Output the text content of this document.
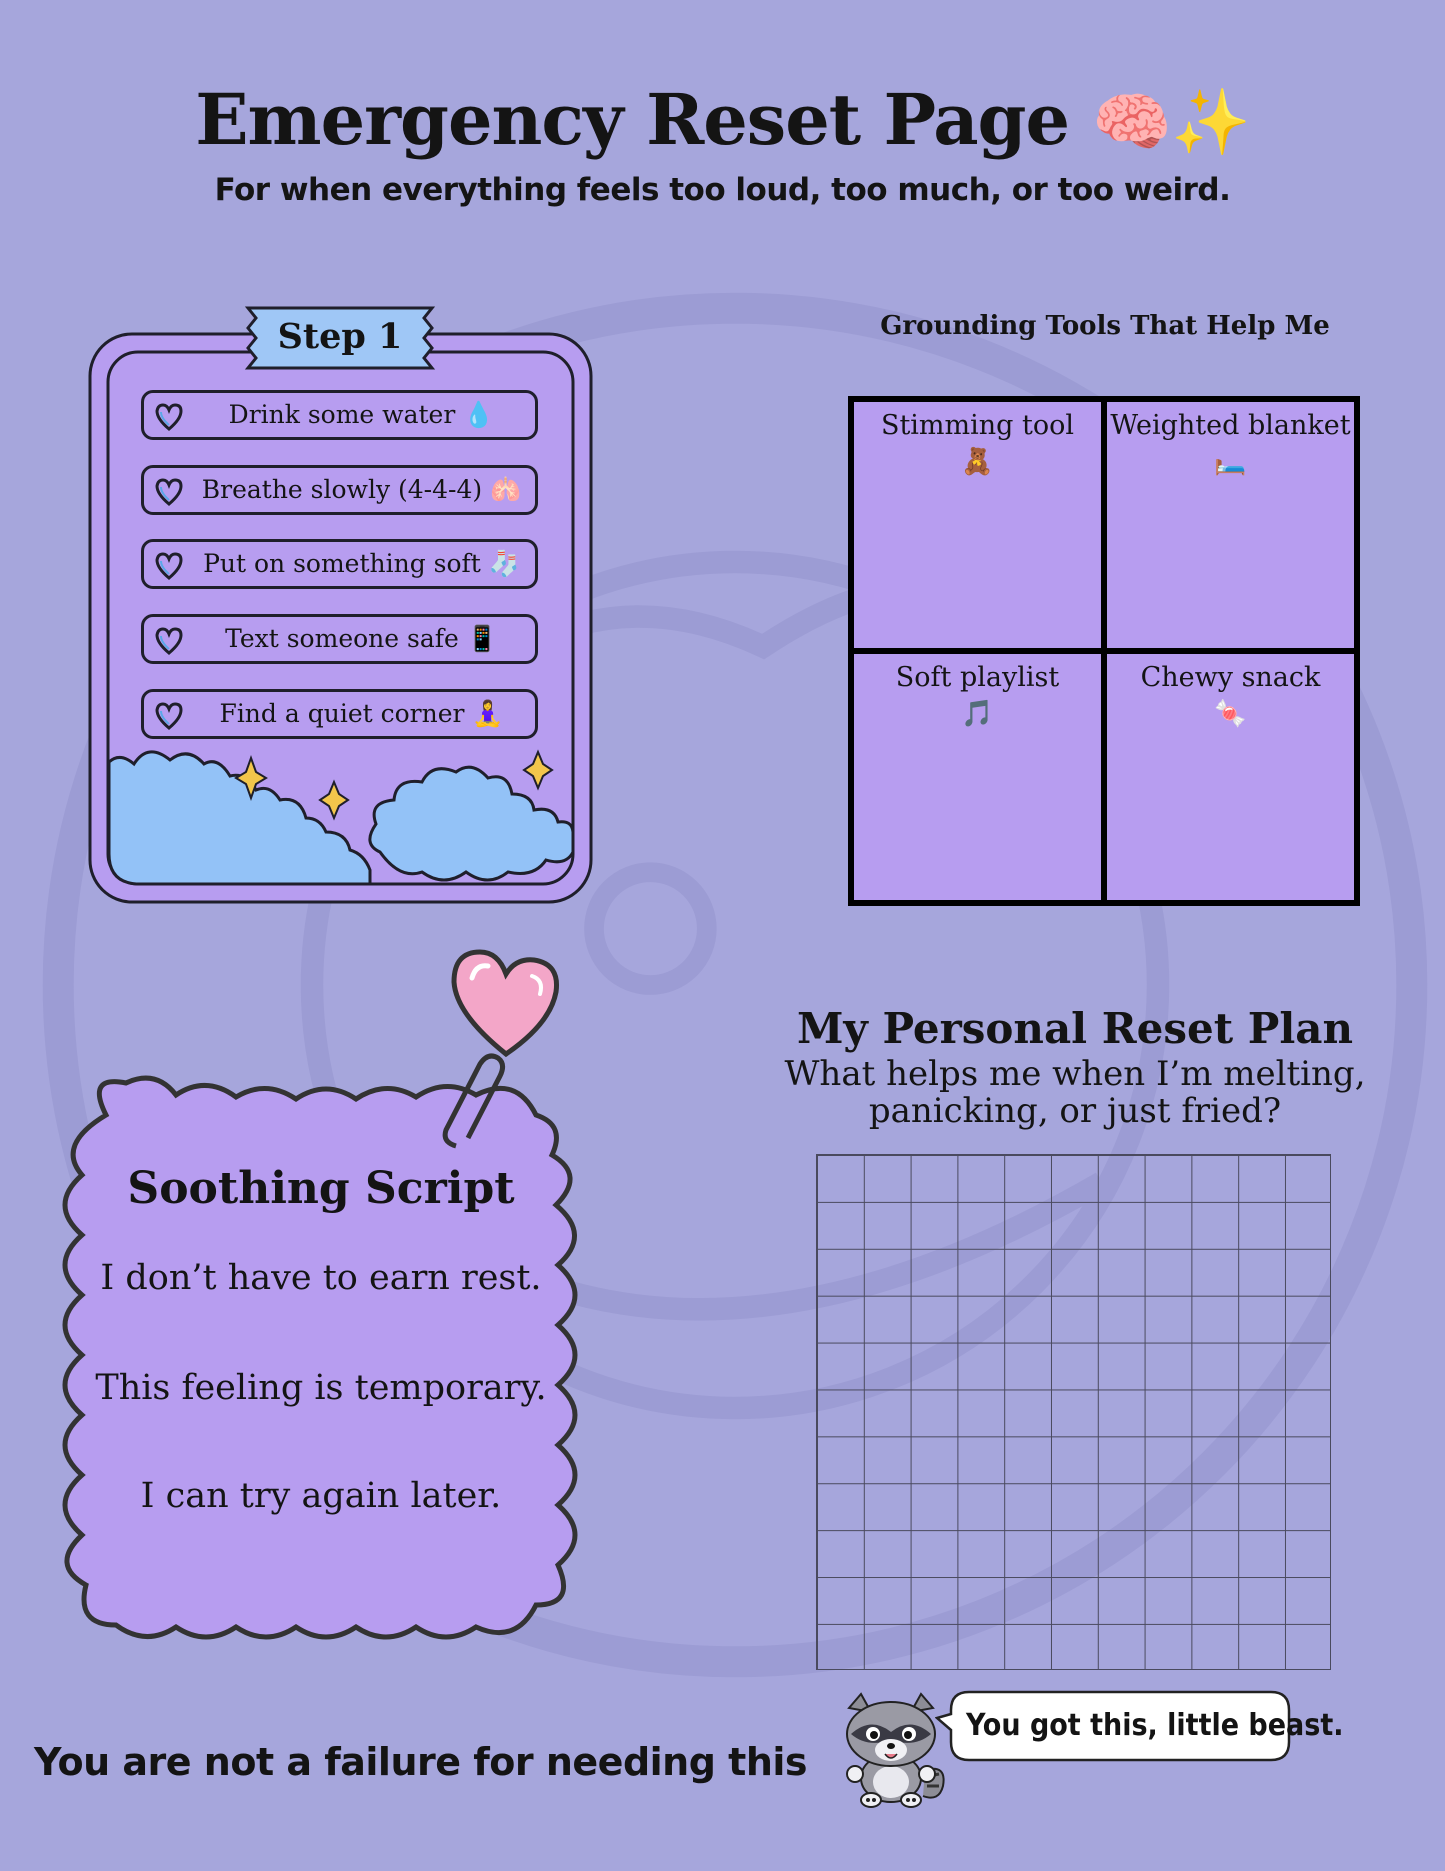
Emergency Reset Page 🧠✨
For when everything feels too loud, too much, or too weird.
Step 1
Drink some water 💧
Breathe slowly (4-4-4) 🫁
Put on something soft 🧦
Text someone safe 📱
Find a quiet corner 🧘‍♀️
Grounding Tools That Help Me
Stimming tool
🧸
Weighted blanket
🛏️
Soft playlist
🎵
Chewy snack
🍬
Soothing Script
I don’t have to earn rest.
This feeling is temporary.
I can try again later.
My Personal Reset Plan
What helps me when I’m melting, panicking, or just fried?
You are not a failure for needing this
You got this, little beast.
